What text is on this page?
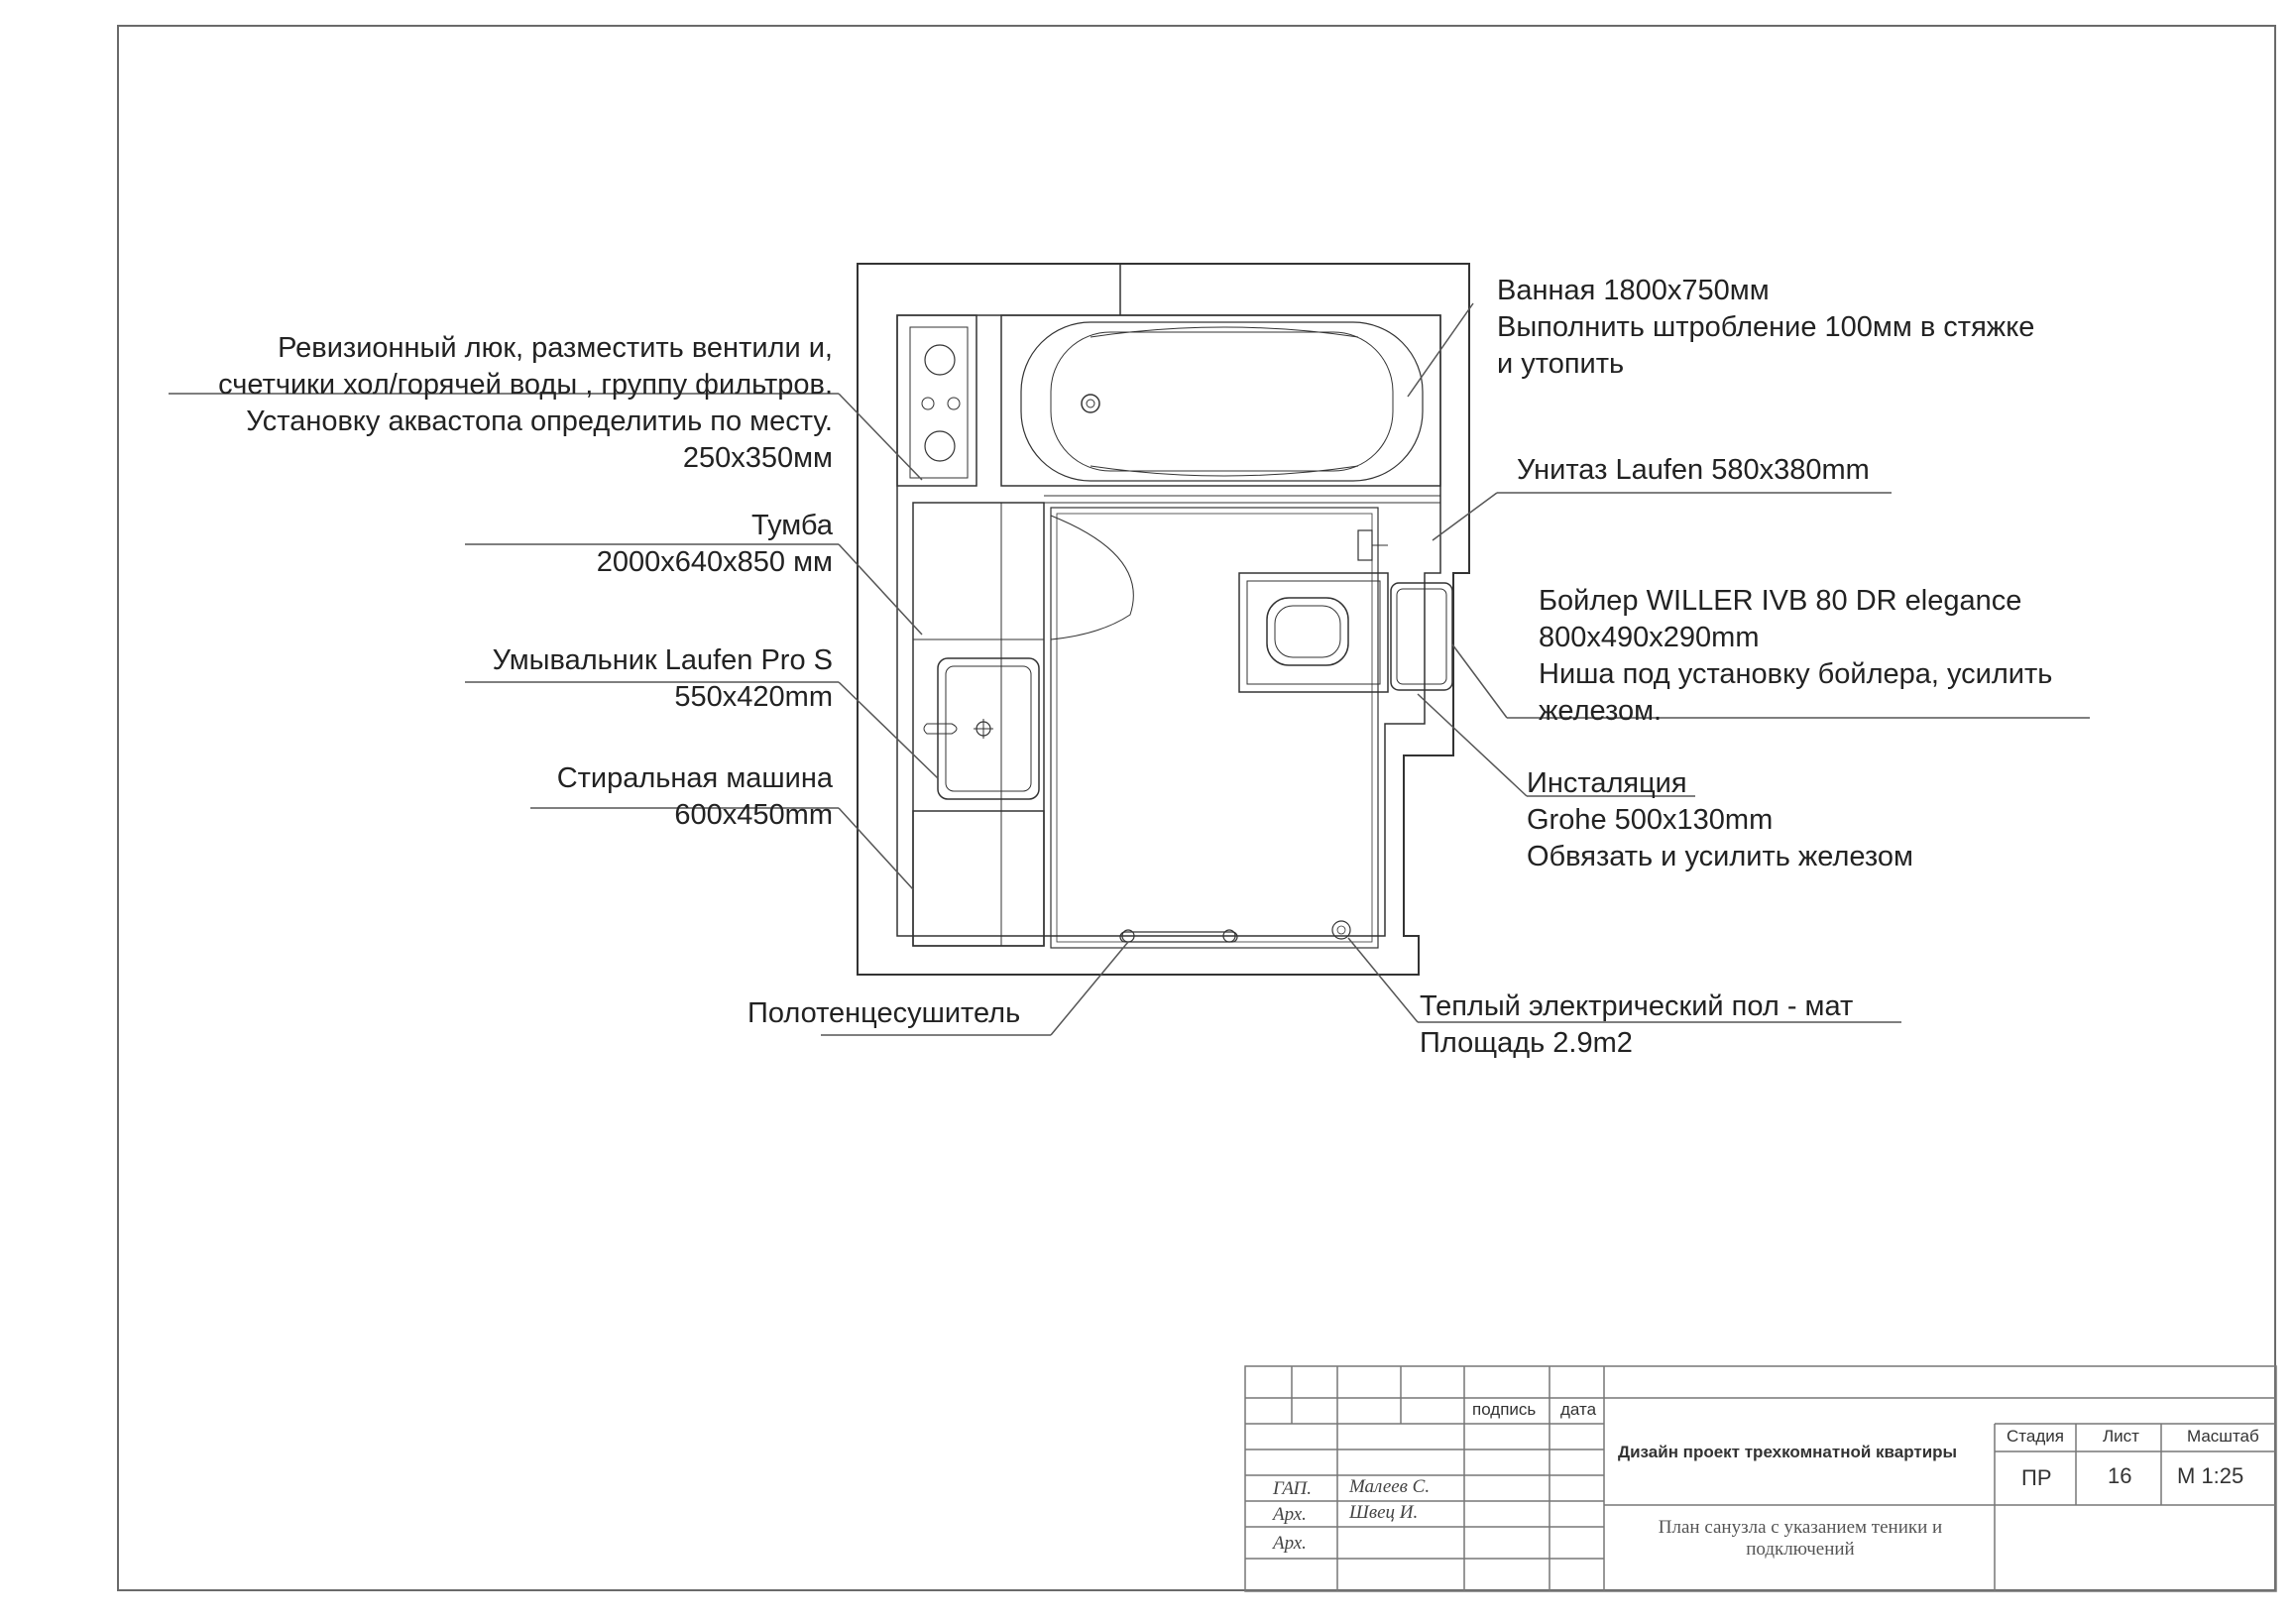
Ревизионный люк, разместить вентили и,
счетчики хол/горячей воды , группу фильтров.
Установку аквастопа определитиь по месту.
250x350мм
Тумба
2000x640x850 мм
Умывальник Laufen Pro S
550x420mm
Стиральная машина
600x450mm
Полотенцесушитель
Ванная 1800x750мм
Выполнить штробление 100мм в стяжке
и утопить
Унитаз Laufen 580x380mm
Бойлер WILLER IVB 80 DR elegance
800x490x290mm
Ниша под установку бойлера, усилить
железом.
Инсталяция
Grohe 500x130mm
Обвязать и усилить железом
Теплый электрический пол - мат
Площадь 2.9m2
подпись дата
ГАП.
Арх.
Арх.
Малеев С.
Швец И.
Дизайн проект трехкомнатной квартиры
План санузла с указанием теники и подключений
Стадия Лист	Масштаб
ПР	16 М 1:25
